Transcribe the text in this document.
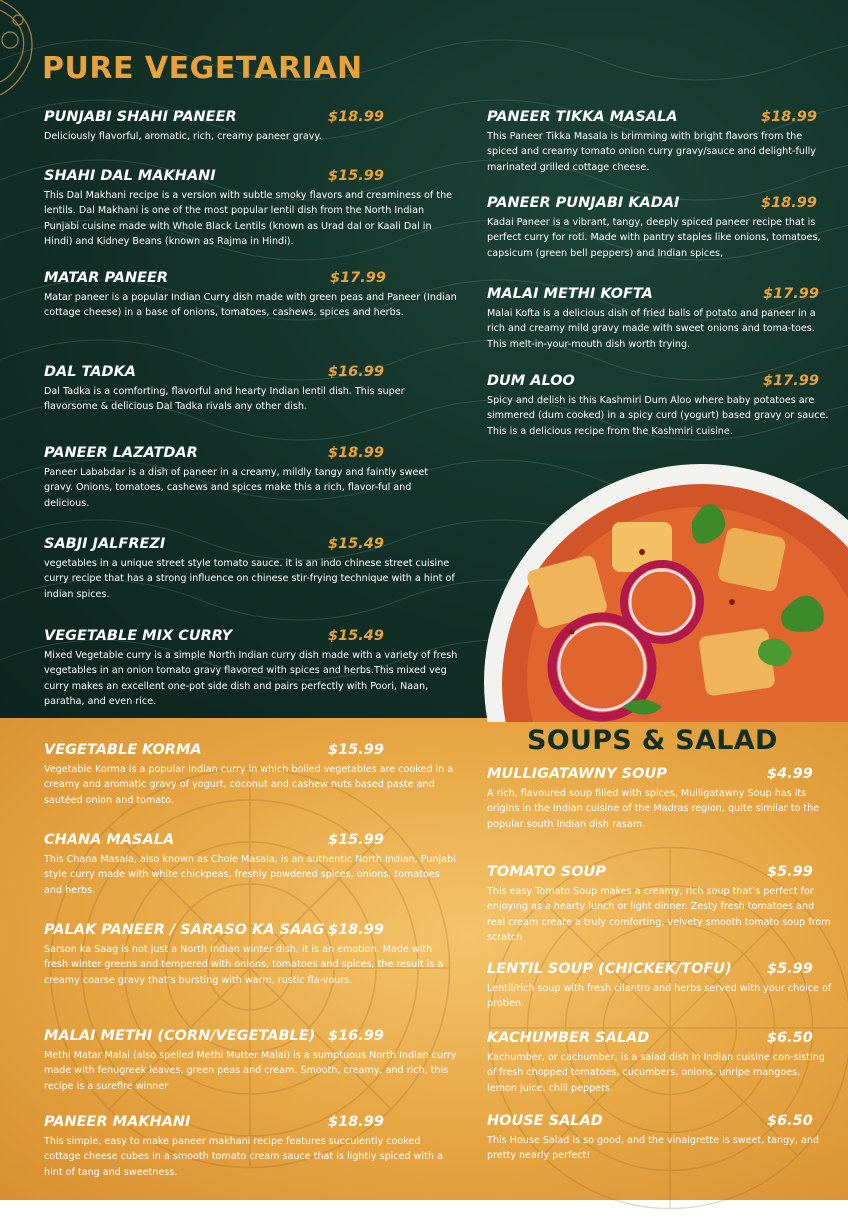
PURE VEGETARIAN
SOUPS & SALAD
PUNJABI SHAHI PANEER	$18.99
Deliciously flavorful, aromatic, rich, creamy paneer gravy.
SHAHI DAL MAKHANI	$15.99
This Dal Makhani recipe is a version with subtle smoky flavors and creaminess of the lentils. Dal Makhani is one of the most popular lentil dish from the North Indian Punjabi cuisine made with Whole Black Lentils (known as Urad dal or Kaali Dal in Hindi) and Kidney Beans (known as Rajma in Hindi).
MATAR PANEER	$17.99
Matar paneer is a popular Indian Curry dish made with green peas and Paneer (Indian cottage cheese) in a base of onions, tomatoes, cashews, spices and herbs.
DAL TADKA	$16.99
Dal Tadka is a comforting, flavorful and hearty Indian lentil dish. This super flavorsome & delicious Dal Tadka rivals any other dish.
PANEER LAZATDAR	$18.99
Paneer Lababdar is a dish of paneer in a creamy, mildly tangy and faintly sweet gravy. Onions, tomatoes, cashews and spices make this a rich, flavor-ful and delicious.
SABJI JALFREZI	$15.49
vegetables in a unique street style tomato sauce. it is an indo chinese street cuisine curry recipe that has a strong influence on chinese stir-frying technique with a hint of indian spices.
VEGETABLE MIX CURRY	$15.49
Mixed Vegetable curry is a simple North Indian curry dish made with a variety of fresh vegetables in an onion tomato gravy flavored with spices and herbs.This mixed veg curry makes an excellent one-pot side dish and pairs perfectly with Poori, Naan, paratha, and even rice.
VEGETABLE KORMA	$15.99
Vegetable Korma is a popular Indian curry in which boiled vegetables are cooked in a creamy and aromatic gravy of yogurt, coconut and cashew nuts based paste and sautéed onion and tomato.
CHANA MASALA	$15.99
This Chana Masala, also known as Chole Masala, is an authentic North Indian, Punjabi style curry made with white chickpeas, freshly powdered spices, onions, tomatoes and herbs.
PALAK PANEER / SARASO KA SAAG $18.99
Sarson ka Saag is not just a North Indian winter dish, it is an emotion. Made with fresh winter greens and tempered with onions, tomatoes and spices, the result is a creamy coarse gravy that’s bursting with warm, rustic fla-vours.
MALAI METHI (CORN/VEGETABLE) $16.99
Methi Matar Malai (also spelled Methi Mutter Malai) is a sumptuous North Indian curry made with fenugreek leaves, green peas and cream. Smooth, creamy, and rich, this recipe is a surefire winner
PANEER MAKHANI	$18.99
This simple, easy to make paneer makhani recipe features succulently cooked cottage cheese cubes in a smooth tomato cream sauce that is lightly spiced with a hint of tang and sweetness.
PANEER TIKKA MASALA	$18.99
This Paneer Tikka Masala is brimming with bright flavors from the spiced and creamy tomato onion curry gravy/sauce and delight-fully marinated grilled cottage cheese.
PANEER PUNJABI KADAI	$18.99
Kadai Paneer is a vibrant, tangy, deeply spiced paneer recipe that is perfect curry for roti. Made with pantry staples like onions, tomatoes, capsicum (green bell peppers) and Indian spices,
MALAI METHI KOFTA	$17.99
Malai Kofta is a delicious dish of fried balls of potato and paneer in a rich and creamy mild gravy made with sweet onions and toma-toes. This melt-in-your-mouth dish worth trying.
DUM ALOO	$17.99
Spicy and delish is this Kashmiri Dum Aloo where baby potatoes are simmered (dum cooked) in a spicy curd (yogurt) based gravy or sauce. This is a delicious recipe from the Kashmiri cuisine.
MULLIGATAWNY SOUP	$4.99
A rich, flavoured soup filled with spices, Mulligatawny Soup has its origins in the Indian cuisine of the Madras region, quite similar to the popular south Indian dish rasam.
TOMATO SOUP	$5.99
This easy Tomato Soup makes a creamy, rich soup that’s perfect for enjoying as a hearty lunch or light dinner. Zesty fresh tomatoes and real cream create a truly comforting, velvety smooth tomato soup from scratch
LENTIL SOUP (CHICKEK/TOFU)	$5.99
Lentil/rich soup with fresh cilantro and herbs served with your choice of protien.
KACHUMBER SALAD	$6.50
Kachumber, or cachumber, is a salad dish in Indian cuisine con-sisting of fresh chopped tomatoes, cucumbers, onions, unripe mangoes, lemon juice, chili peppers.
HOUSE SALAD	$6.50
This House Salad is so good, and the vinaigrette is sweet, tangy, and pretty nearly perfect!
